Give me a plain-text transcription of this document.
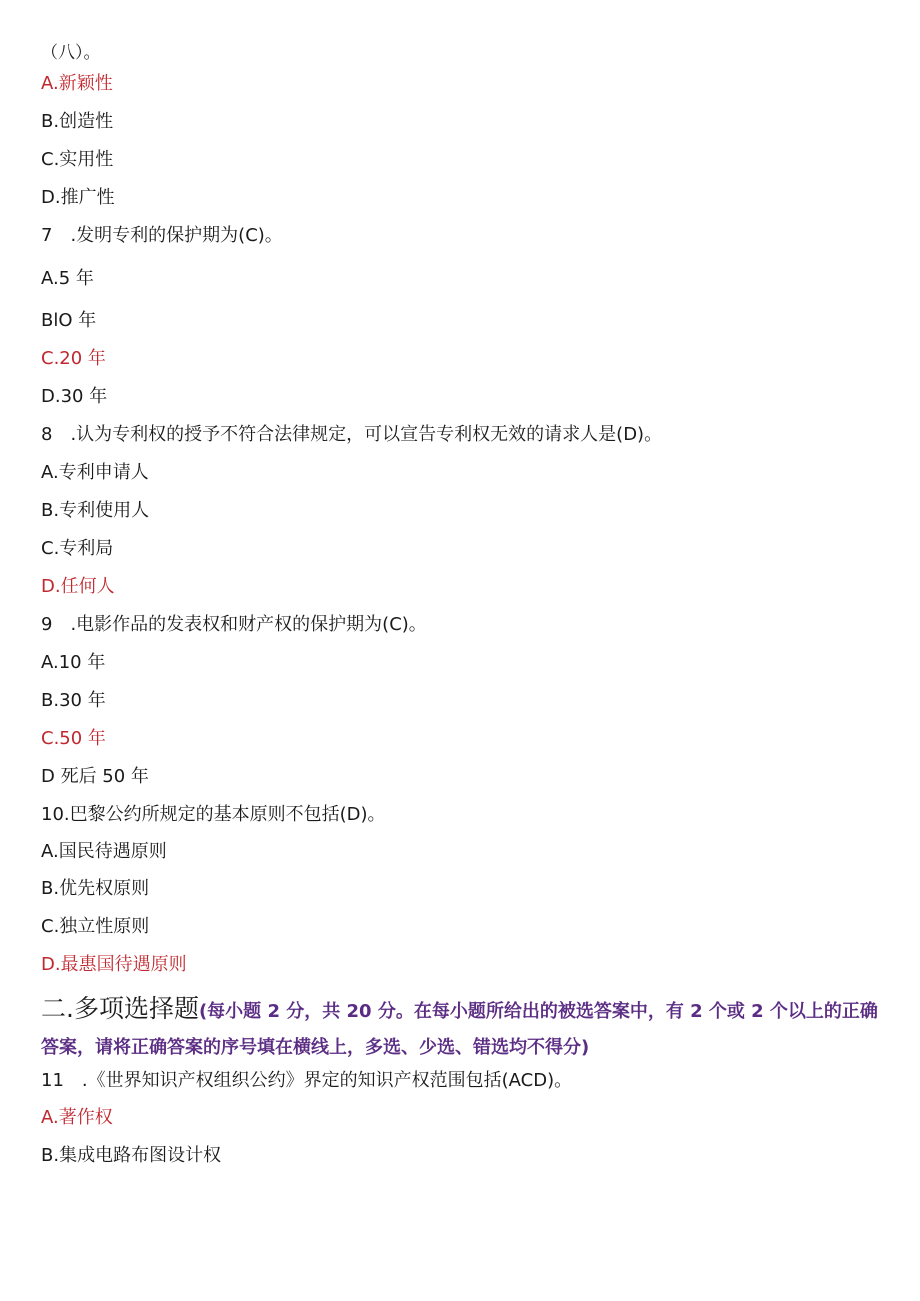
（八）。
A.新颖性
B.创造性
C.实用性
D.推广性
7　.发明专利的保护期为(C)。
A.5 年
BlO 年
C.20 年
D.30 年
8　.认为专利权的授予不符合法律规定，可以宣告专利权无效的请求人是(D)。
A.专利申请人
B.专利使用人
C.专利局
D.任何人
9　.电影作品的发表权和财产权的保护期为(C)。
A.10 年
B.30 年
C.50 年
D 死后 50 年
10.巴黎公约所规定的基本原则不包括(D)。
A.国民待遇原则
B.优先权原则
C.独立性原则
D.最惠国待遇原则
二.多项选择题(每小题 2 分，共 20 分。在每小题所给出的被选答案中，有 2 个或 2 个以上的正确答案，请将正确答案的序号填在横线上，多选、少选、错选均不得分)
11　.《世界知识产权组织公约》界定的知识产权范围包括(ACD)。
A.著作权
B.集成电路布图设计权
